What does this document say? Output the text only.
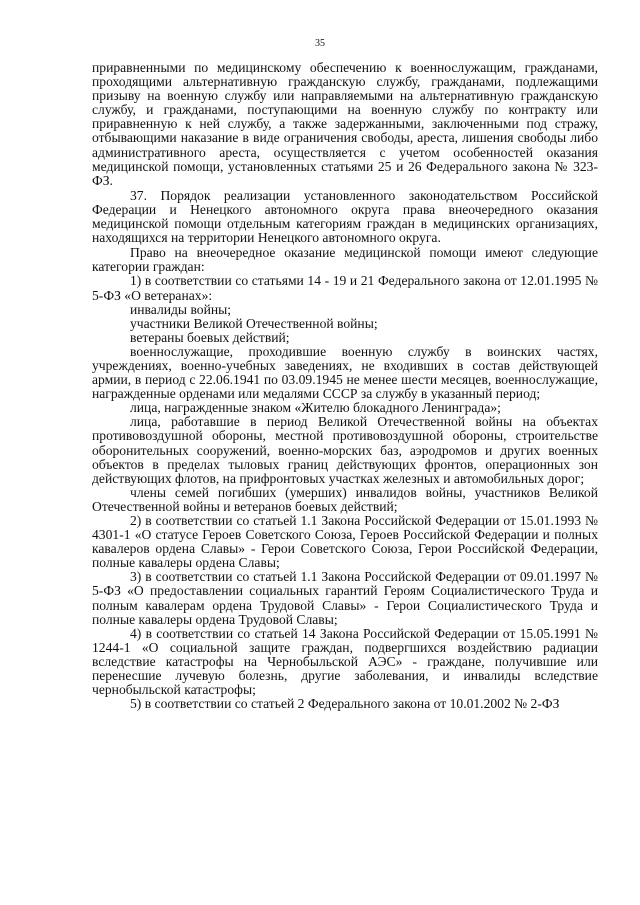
35

приравненными по медицинскому обеспечению к военнослужащим, гражданами, проходящими альтернативную гражданскую службу, гражданами, подлежащими призыву на военную службу или направляемыми на альтернативную гражданскую службу, и гражданами, поступающими на военную службу по контракту или приравненную к ней службу, а также задержанными, заключенными под стражу, отбывающими наказание в виде ограничения свободы, ареста, лишения свободы либо административного ареста, осуществляется с учетом особенностей оказания медицинской помощи, установленных статьями 25 и 26 Федерального закона № 323-ФЗ.

37. Порядок реализации установленного законодательством Российской Федерации и Ненецкого автономного округа права внеочередного оказания медицинской помощи отдельным категориям граждан в медицинских организациях, находящихся на территории Ненецкого автономного округа.

Право на внеочередное оказание медицинской помощи имеют следующие категории граждан:

1) в соответствии со статьями 14 - 19 и 21 Федерального закона от 12.01.1995 № 5-ФЗ «О ветеранах»:

инвалиды войны;

участники Великой Отечественной войны;

ветераны боевых действий;

военнослужащие, проходившие военную службу в воинских частях, учреждениях, военно-учебных заведениях, не входивших в состав действующей армии, в период с 22.06.1941 по 03.09.1945 не менее шести месяцев, военнослужащие, награжденные орденами или медалями СССР за службу в указанный период;

лица, награжденные знаком «Жителю блокадного Ленинграда»;

лица, работавшие в период Великой Отечественной войны на объектах противовоздушной обороны, местной противовоздушной обороны, строительстве оборонительных сооружений, военно-морских баз, аэродромов и других военных объектов в пределах тыловых границ действующих фронтов, операционных зон действующих флотов, на прифронтовых участках железных и автомобильных дорог;

члены семей погибших (умерших) инвалидов войны, участников Великой Отечественной войны и ветеранов боевых действий;

2) в соответствии со статьей 1.1 Закона Российской Федерации от 15.01.1993 № 4301-1 «О статусе Героев Советского Союза, Героев Российской Федерации и полных кавалеров ордена Славы» - Герои Советского Союза, Герои Российской Федерации, полные кавалеры ордена Славы;

3) в соответствии со статьей 1.1 Закона Российской Федерации от 09.01.1997 № 5-ФЗ «О предоставлении социальных гарантий Героям Социалистического Труда и полным кавалерам ордена Трудовой Славы» - Герои Социалистического Труда и полные кавалеры ордена Трудовой Славы;

4) в соответствии со статьей 14 Закона Российской Федерации от 15.05.1991 № 1244-1 «О социальной защите граждан, подвергшихся воздействию радиации вследствие катастрофы на Чернобыльской АЭС» - граждане, получившие или перенесшие лучевую болезнь, другие заболевания, и инвалиды вследствие чернобыльской катастрофы;

5) в соответствии со статьей 2 Федерального закона от 10.01.2002 № 2-ФЗ
